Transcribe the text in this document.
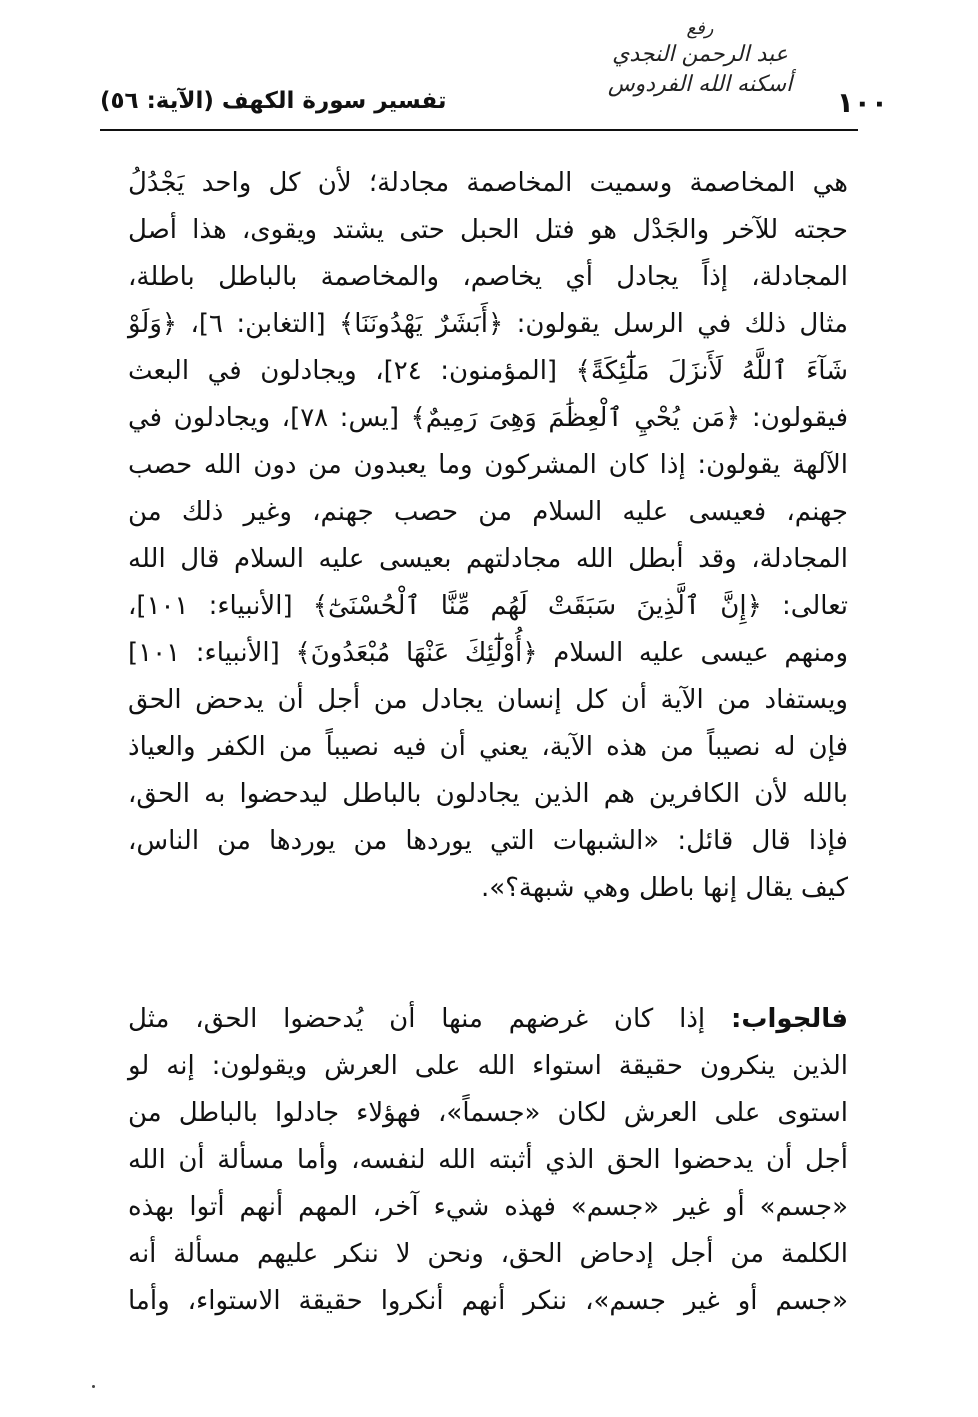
رفع
عبد الرحمن النجدي
أسكنه الله الفردوس
تفسير سورة الكهف (الآية: ٥٦)	١٠٠
هي المخاصمة وسميت المخاصمة مجادلة؛ لأن كل واحد يَجْدُلُ
حجته للآخر والجَدْل هو فتل الحبل حتى يشتد ويقوى، هذا أصل
المجادلة، إذاً يجادل أي يخاصم، والمخاصمة بالباطل باطلة،
مثال ذلك في الرسل يقولون: ﴿أَبَشَرٌ يَهْدُونَنَا﴾ [التغابن: ٦]، ﴿وَلَوْ
شَآءَ ٱللَّهُ لَأَنزَلَ مَلَٰٓئِكَةً﴾ [المؤمنون: ٢٤]، ويجادلون في البعث
فيقولون: ﴿مَن يُحْيِ ٱلْعِظَٰمَ وَهِىَ رَمِيمٌ﴾ [يس: ٧٨]، ويجادلون في
الآلهة يقولون: إذا كان المشركون وما يعبدون من دون الله حصب
جهنم، فعيسى عليه السلام من حصب جهنم، وغير ذلك من
المجادلة، وقد أبطل الله مجادلتهم بعيسى عليه السلام قال الله
تعالى: ﴿إِنَّ ٱلَّذِينَ سَبَقَتْ لَهُم مِّنَّا ٱلْحُسْنَىٰٓ﴾ [الأنبياء: ١٠١]،
ومنهم عيسى عليه السلام ﴿أُوْلَٰٓئِكَ عَنْهَا مُبْعَدُونَ﴾ [الأنبياء: ١٠١]
ويستفاد من الآية أن كل إنسان يجادل من أجل أن يدحض الحق
فإن له نصيباً من هذه الآية، يعني أن فيه نصيباً من الكفر والعياذ
بالله لأن الكافرين هم الذين يجادلون بالباطل ليدحضوا به الحق،
فإذا قال قائل: «الشبهات التي يوردها من يوردها من الناس،
كيف يقال إنها باطل وهي شبهة؟».
فالجواب: إذا كان غرضهم منها أن يُدحضوا الحق، مثل
الذين ينكرون حقيقة استواء الله على العرش ويقولون: إنه لو
استوى على العرش لكان «جسماً»، فهؤلاء جادلوا بالباطل من
أجل أن يدحضوا الحق الذي أثبته الله لنفسه، وأما مسألة أن الله
«جسم» أو غير «جسم» فهذه شيء آخر، المهم أنهم أتوا بهذه
الكلمة من أجل إدحاض الحق، ونحن لا ننكر عليهم مسألة أنه
«جسم أو غير جسم»، ننكر أنهم أنكروا حقيقة الاستواء، وأما
